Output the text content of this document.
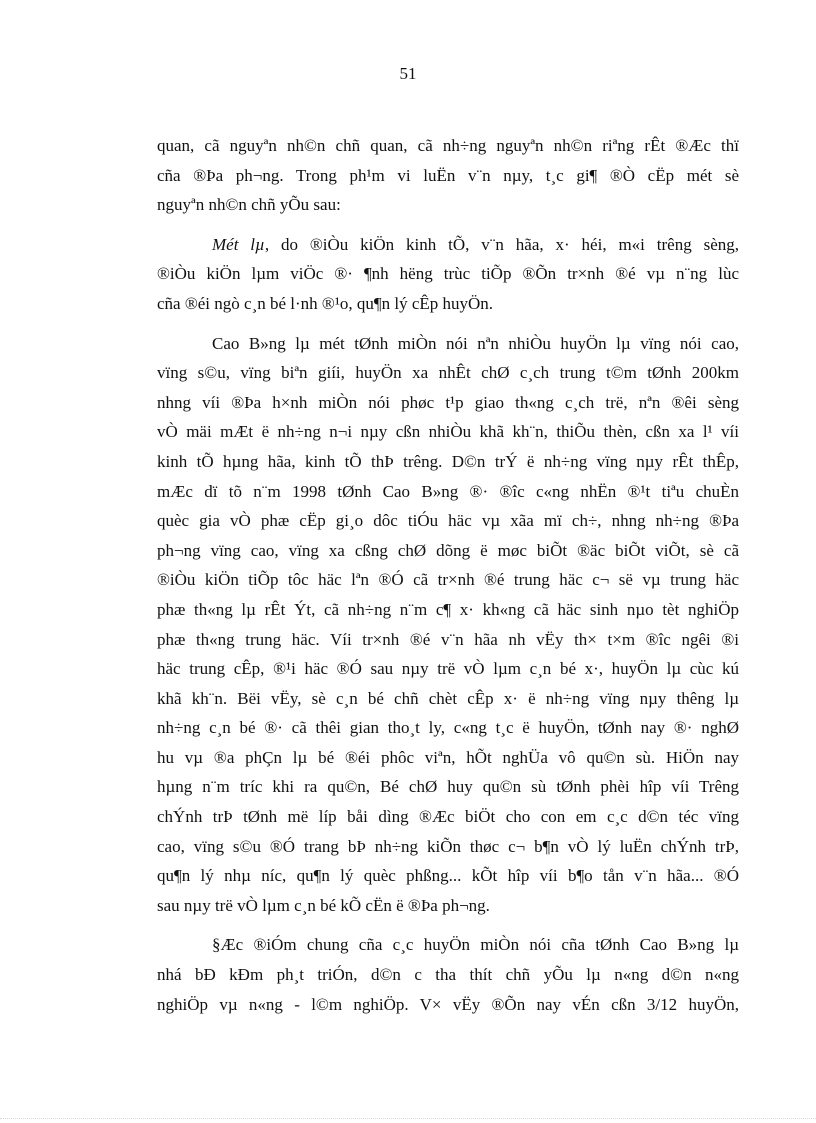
51
quan, cã nguyªn nh©n chñ quan, cã nh÷ng nguyªn nh©n riªng rÊt ®Æc thï
cña ®Þa ph¬ng. Trong ph¹m vi luËn v¨n nµy, t¸c gi¶ ®Ò cËp mét sè
nguyªn nh©n chñ yÕu sau:
Mét lµ, do ®iÒu kiÖn kinh tÕ, v¨n hãa, x· héi, m«i trêng sèng,
®iÒu kiÖn lµm viÖc ®· ¶nh hëng trùc tiÕp ®Õn tr×nh ®é vµ n¨ng lùc
cña ®éi ngò c¸n bé l·nh ®¹o, qu¶n lý cÊp huyÖn.
Cao B»ng lµ mét tØnh miÒn nói nªn nhiÒu huyÖn lµ vïng nói cao,
vïng s©u, vïng biªn giíi, huyÖn xa nhÊt chØ c¸ch trung t©m tØnh 200km
nhng víi ®Þa h×nh miÒn nói phøc t¹p giao th«ng c¸ch trë, nªn ®êi sèng
vÒ mäi mÆt ë nh÷ng n¬i nµy cßn nhiÒu khã kh¨n, thiÕu thèn, cßn xa l¹ víi
kinh tÕ hµng hãa, kinh tÕ thÞ trêng. D©n trÝ ë nh÷ng vïng nµy rÊt thÊp,
mÆc dï tõ n¨m 1998 tØnh Cao B»ng ®· ®îc c«ng nhËn ®¹t tiªu chuÈn
quèc gia vÒ phæ cËp gi¸o dôc tiÓu häc vµ xãa mï ch÷, nhng nh÷ng ®Þa
ph¬ng vïng cao, vïng xa cßng chØ dõng ë møc biÕt ®äc biÕt viÕt, sè cã
®iÒu kiÖn tiÕp tôc häc lªn ®Ó cã tr×nh ®é trung häc c¬ së vµ trung häc
phæ th«ng lµ rÊt Ýt, cã nh÷ng n¨m c¶ x· kh«ng cã häc sinh nµo tèt nghiÖp
phæ th«ng trung häc. Víi tr×nh ®é v¨n hãa nh vËy th× t×m ®îc ngêi ®i
häc trung cÊp, ®¹i häc ®Ó sau nµy trë vÒ lµm c¸n bé x·, huyÖn lµ cùc kú
khã kh¨n. Bëi vËy, sè c¸n bé chñ chèt cÊp x· ë nh÷ng vïng nµy thêng lµ
nh÷ng c¸n bé ®· cã thêi gian tho¸t ly, c«ng t¸c ë huyÖn, tØnh nay ®· nghØ
hu vµ ®a phÇn lµ bé ®éi phôc viªn, hÕt nghÜa vô qu©n sù. HiÖn nay
hµng n¨m tríc khi ra qu©n, Bé chØ huy qu©n sù tØnh phèi hîp víi Trêng
chÝnh trÞ tØnh më líp båi dìng ®Æc biÖt cho con em c¸c d©n téc vïng
cao, vïng s©u ®Ó trang bÞ nh÷ng kiÕn thøc c¬ b¶n vÒ lý luËn chÝnh trÞ,
qu¶n lý nhµ níc, qu¶n lý quèc phßng... kÕt hîp víi b¶o tån v¨n hãa... ®Ó
sau nµy trë vÒ lµm c¸n bé kÕ cËn ë ®Þa ph¬ng.
§Æc ®iÓm chung cña c¸c huyÖn miÒn nói cña tØnh Cao B»ng lµ
nhá bÐ kÐm ph¸t triÓn, d©n c tha thít chñ yÕu lµ n«ng d©n n«ng
nghiÖp vµ n«ng - l©m nghiÖp. V× vËy ®Õn nay vÉn cßn 3/12 huyÖn,
